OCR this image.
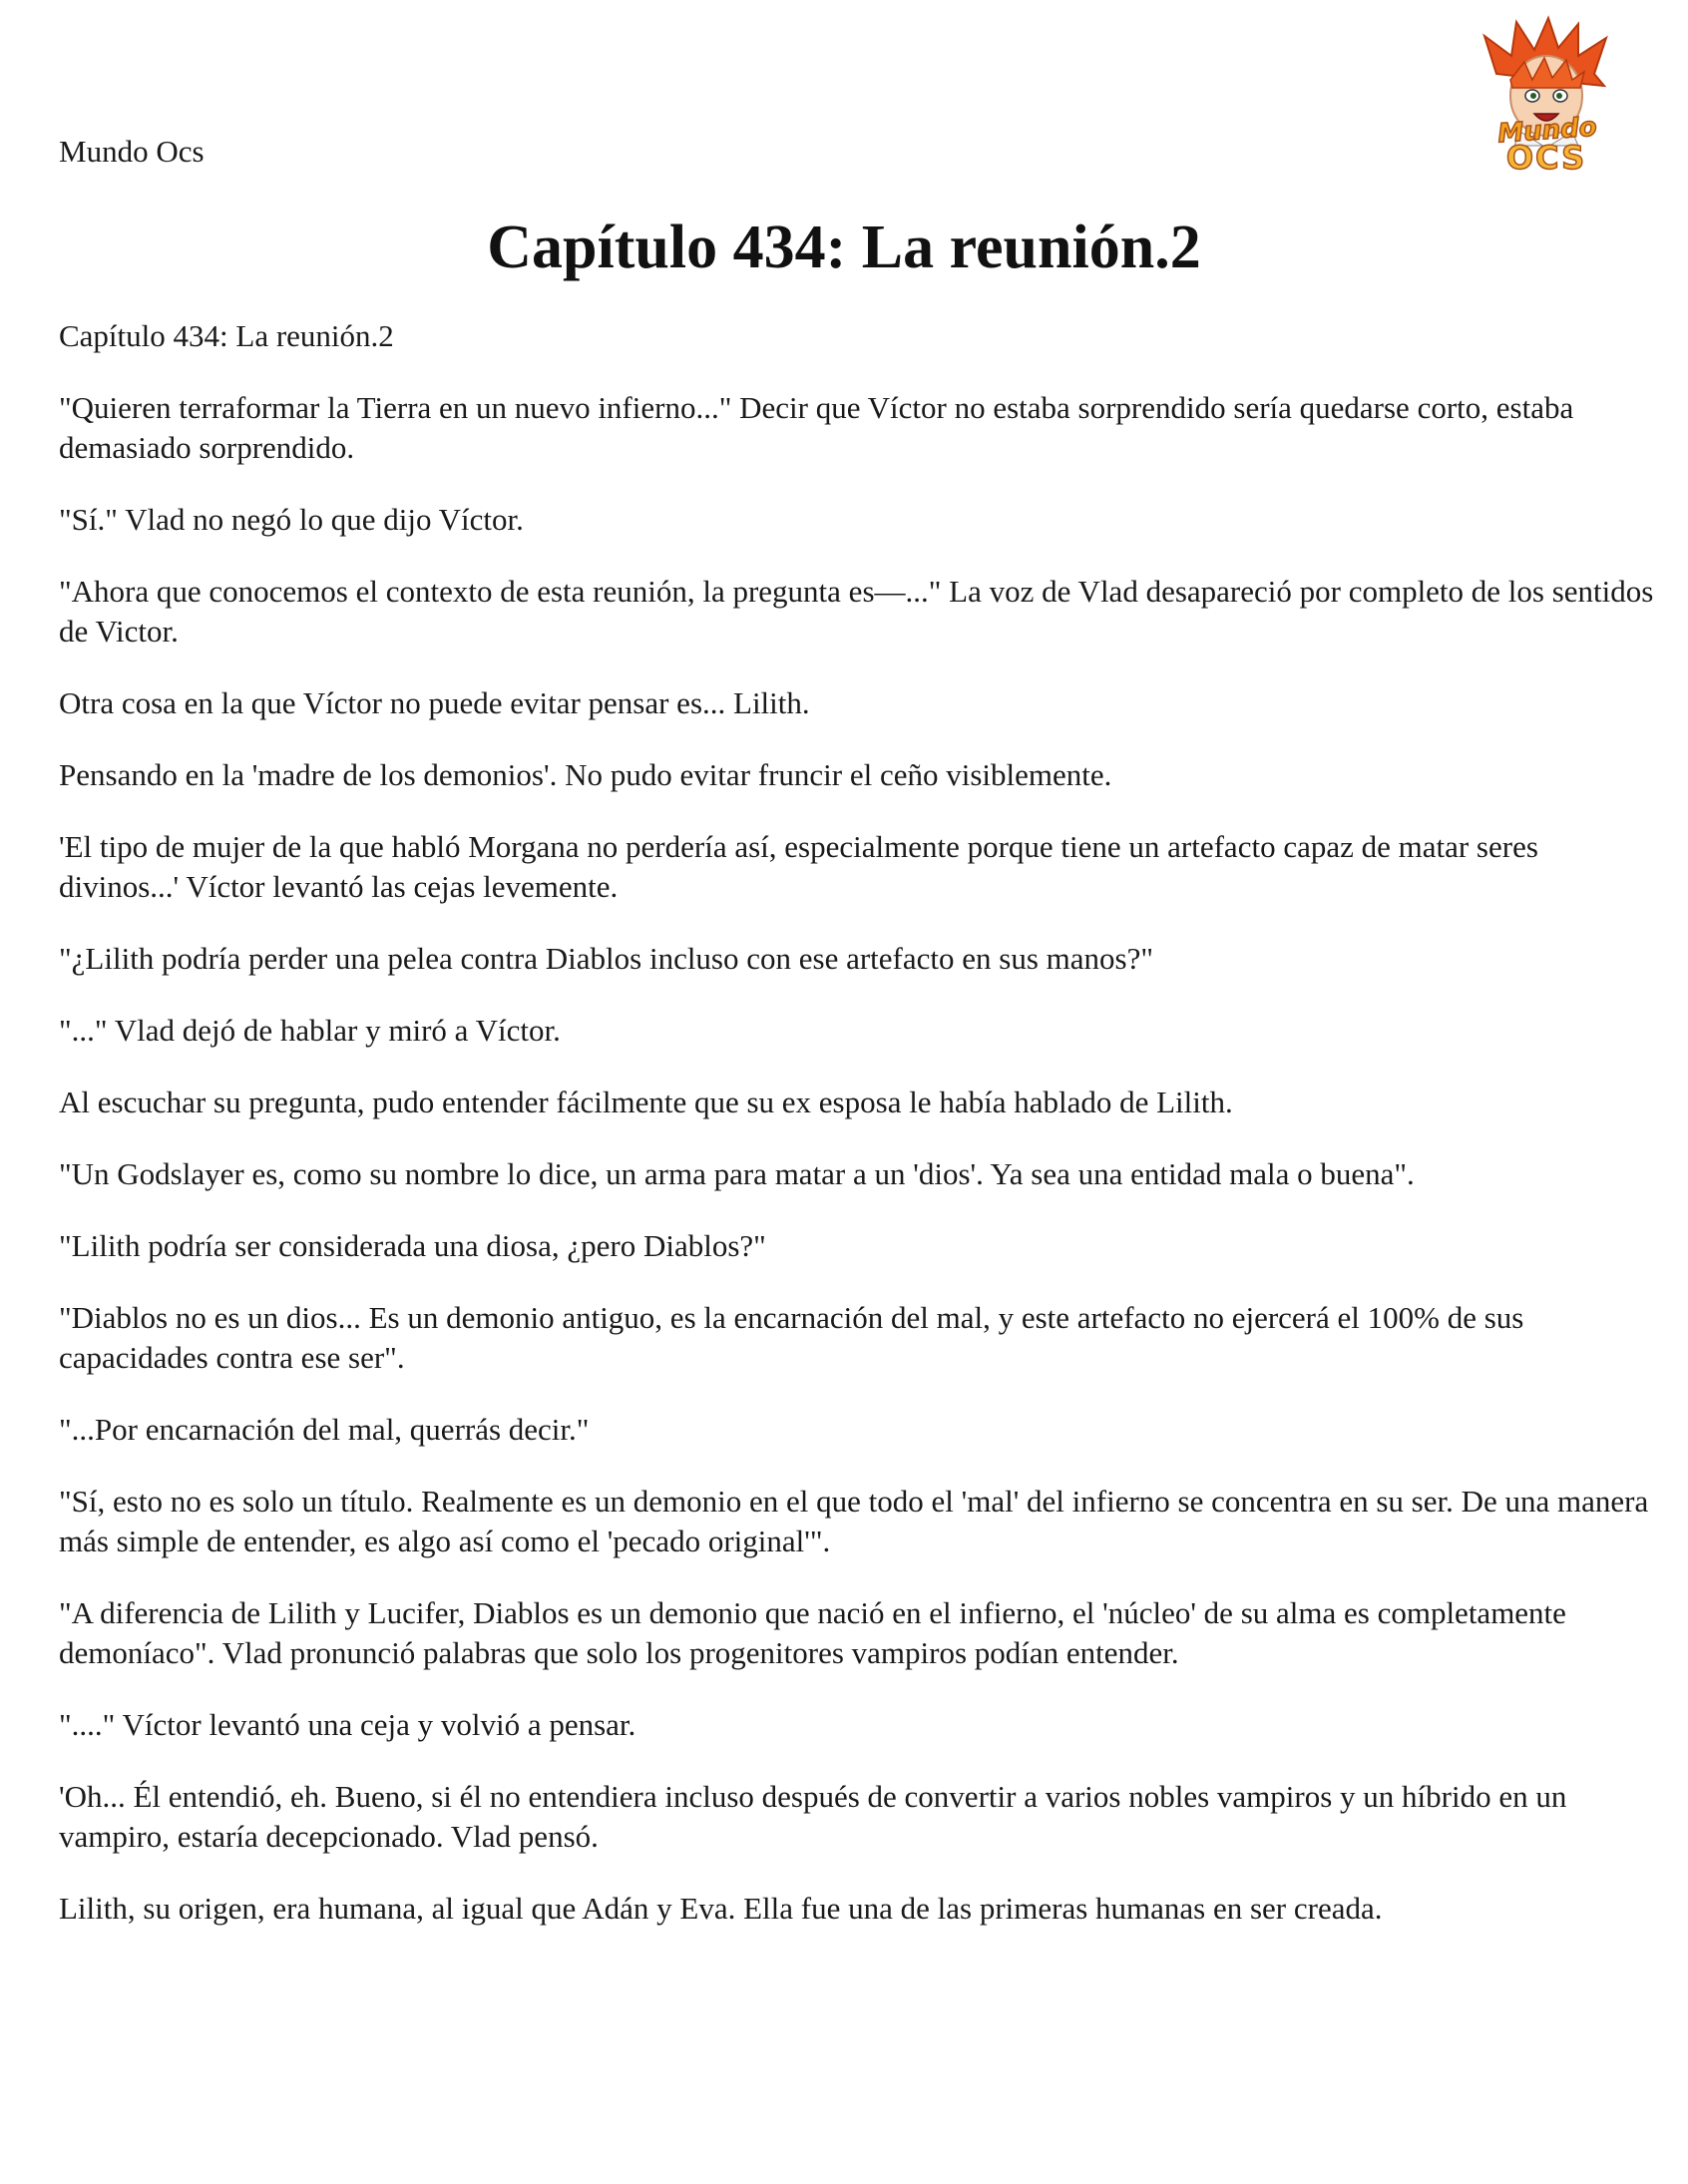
Mundo Ocs
Mundo
OCS
Capítulo 434: La reunión.2

Capítulo 434: La reunión.2

"Quieren terraformar la Tierra en un nuevo infierno..." Decir que Víctor no estaba sorprendido sería quedarse corto, estaba demasiado sorprendido.

"Sí." Vlad no negó lo que dijo Víctor.

"Ahora que conocemos el contexto de esta reunión, la pregunta es—..." La voz de Vlad desapareció por completo de los sentidos de Victor.

Otra cosa en la que Víctor no puede evitar pensar es... Lilith.

Pensando en la 'madre de los demonios'. No pudo evitar fruncir el ceño visiblemente.

'El tipo de mujer de la que habló Morgana no perdería así, especialmente porque tiene un artefacto capaz de matar seres divinos...' Víctor levantó las cejas levemente.

"¿Lilith podría perder una pelea contra Diablos incluso con ese artefacto en sus manos?"

"..." Vlad dejó de hablar y miró a Víctor.

Al escuchar su pregunta, pudo entender fácilmente que su ex esposa le había hablado de Lilith.

"Un Godslayer es, como su nombre lo dice, un arma para matar a un 'dios'. Ya sea una entidad mala o buena".

"Lilith podría ser considerada una diosa, ¿pero Diablos?"

"Diablos no es un dios... Es un demonio antiguo, es la encarnación del mal, y este artefacto no ejercerá el 100% de sus capacidades contra ese ser".

"...Por encarnación del mal, querrás decir."

"Sí, esto no es solo un título. Realmente es un demonio en el que todo el 'mal' del infierno se concentra en su ser. De una manera más simple de entender, es algo así como el 'pecado original'".

"A diferencia de Lilith y Lucifer, Diablos es un demonio que nació en el infierno, el 'núcleo' de su alma es completamente demoníaco". Vlad pronunció palabras que solo los progenitores vampiros podían entender.

"...." Víctor levantó una ceja y volvió a pensar.

'Oh... Él entendió, eh. Bueno, si él no entendiera incluso después de convertir a varios nobles vampiros y un híbrido en un vampiro, estaría decepcionado. Vlad pensó.

Lilith, su origen, era humana, al igual que Adán y Eva. Ella fue una de las primeras humanas en ser creada.
